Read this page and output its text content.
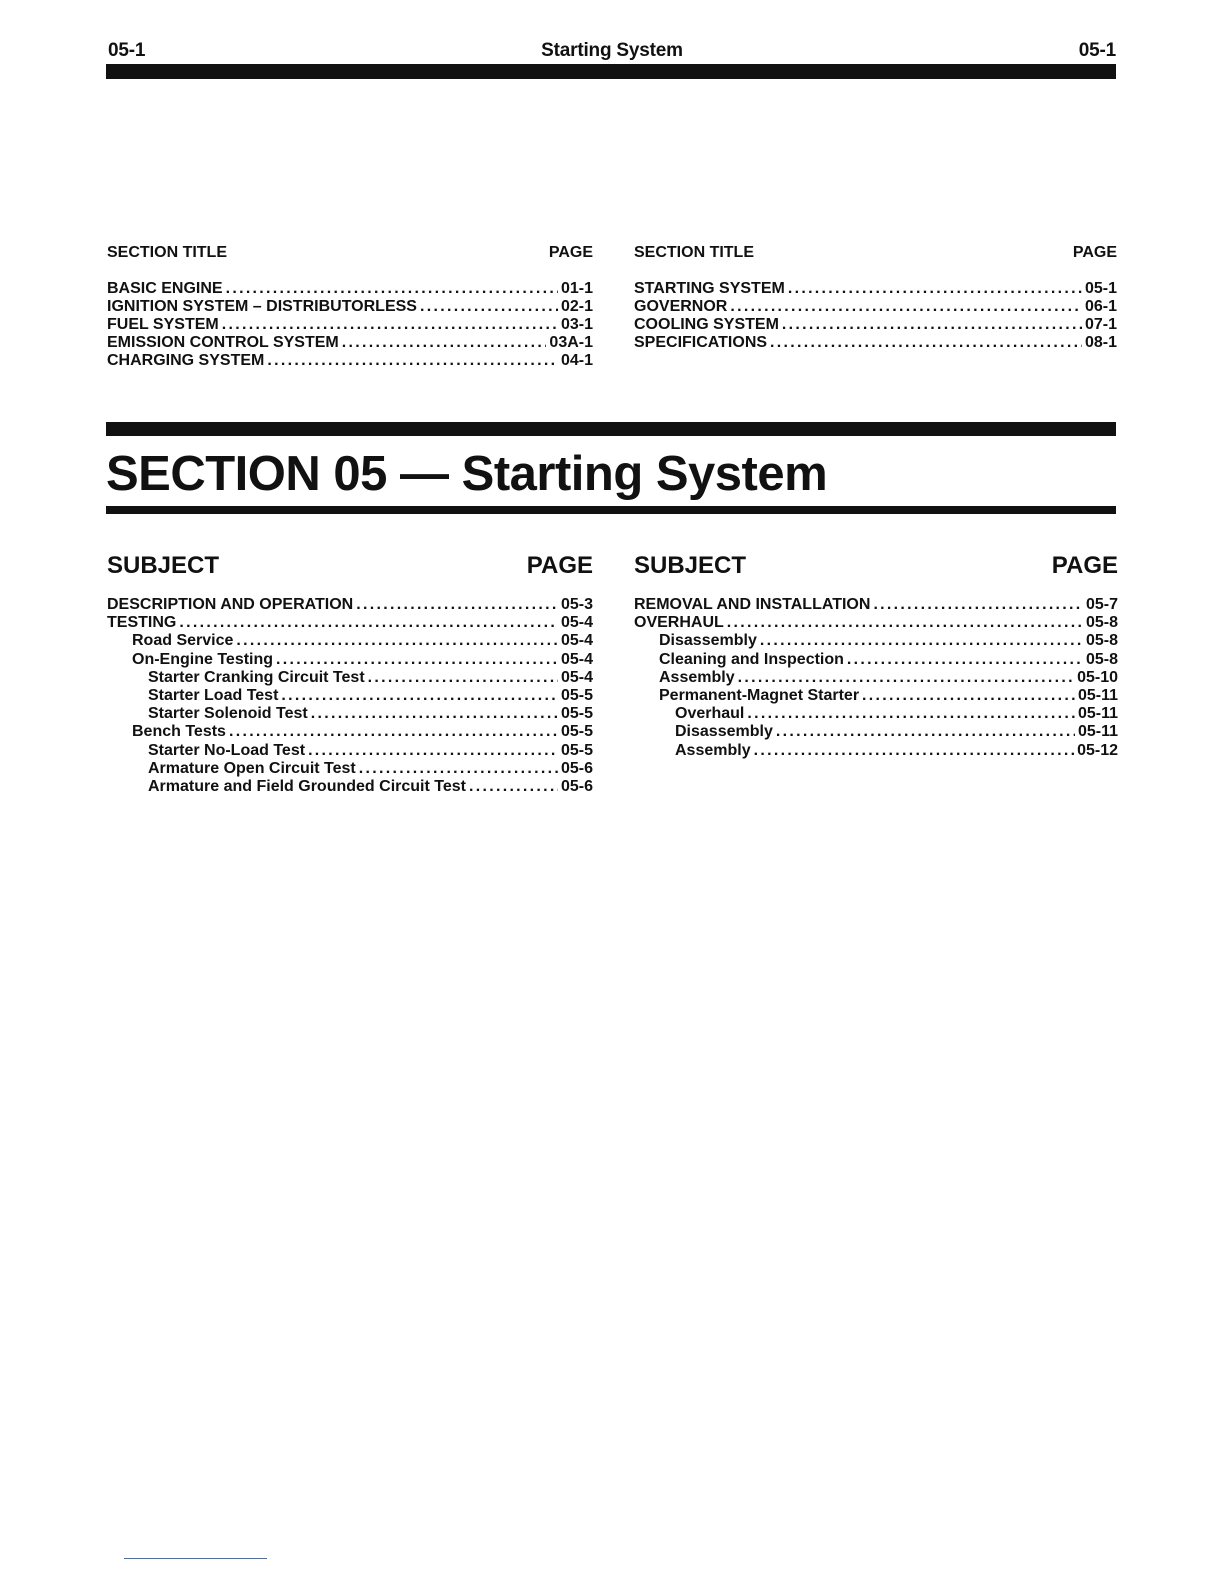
05-1	Starting System	05-1
SECTION TITLE	PAGE
BASIC ENGINE .....	01-1
IGNITION SYSTEM – DISTRIBUTORLESS .....	02-1
FUEL SYSTEM .....	03-1
EMISSION CONTROL SYSTEM .....	03A-1
CHARGING SYSTEM .....	04-1
SECTION TITLE	PAGE
STARTING SYSTEM .....	05-1
GOVERNOR .....	06-1
COOLING SYSTEM .....	07-1
SPECIFICATIONS .....	08-1
SECTION 05 — Starting System
SUBJECT	PAGE
DESCRIPTION AND OPERATION .....	05-3
TESTING .....	05-4
Road Service .....	05-4
On-Engine Testing .....	05-4
Starter Cranking Circuit Test .....	05-4
Starter Load Test .....	05-5
Starter Solenoid Test .....	05-5
Bench Tests .....	05-5
Starter No-Load Test .....	05-5
Armature Open Circuit Test .....	05-6
Armature and Field Grounded Circuit Test .....	05-6
SUBJECT	PAGE
REMOVAL AND INSTALLATION .....	05-7
OVERHAUL .....	05-8
Disassembly .....	05-8
Cleaning and Inspection .....	05-8
Assembly .....	05-10
Permanent-Magnet Starter .....	05-11
Overhaul .....	05-11
Disassembly .....	05-11
Assembly .....	05-12
